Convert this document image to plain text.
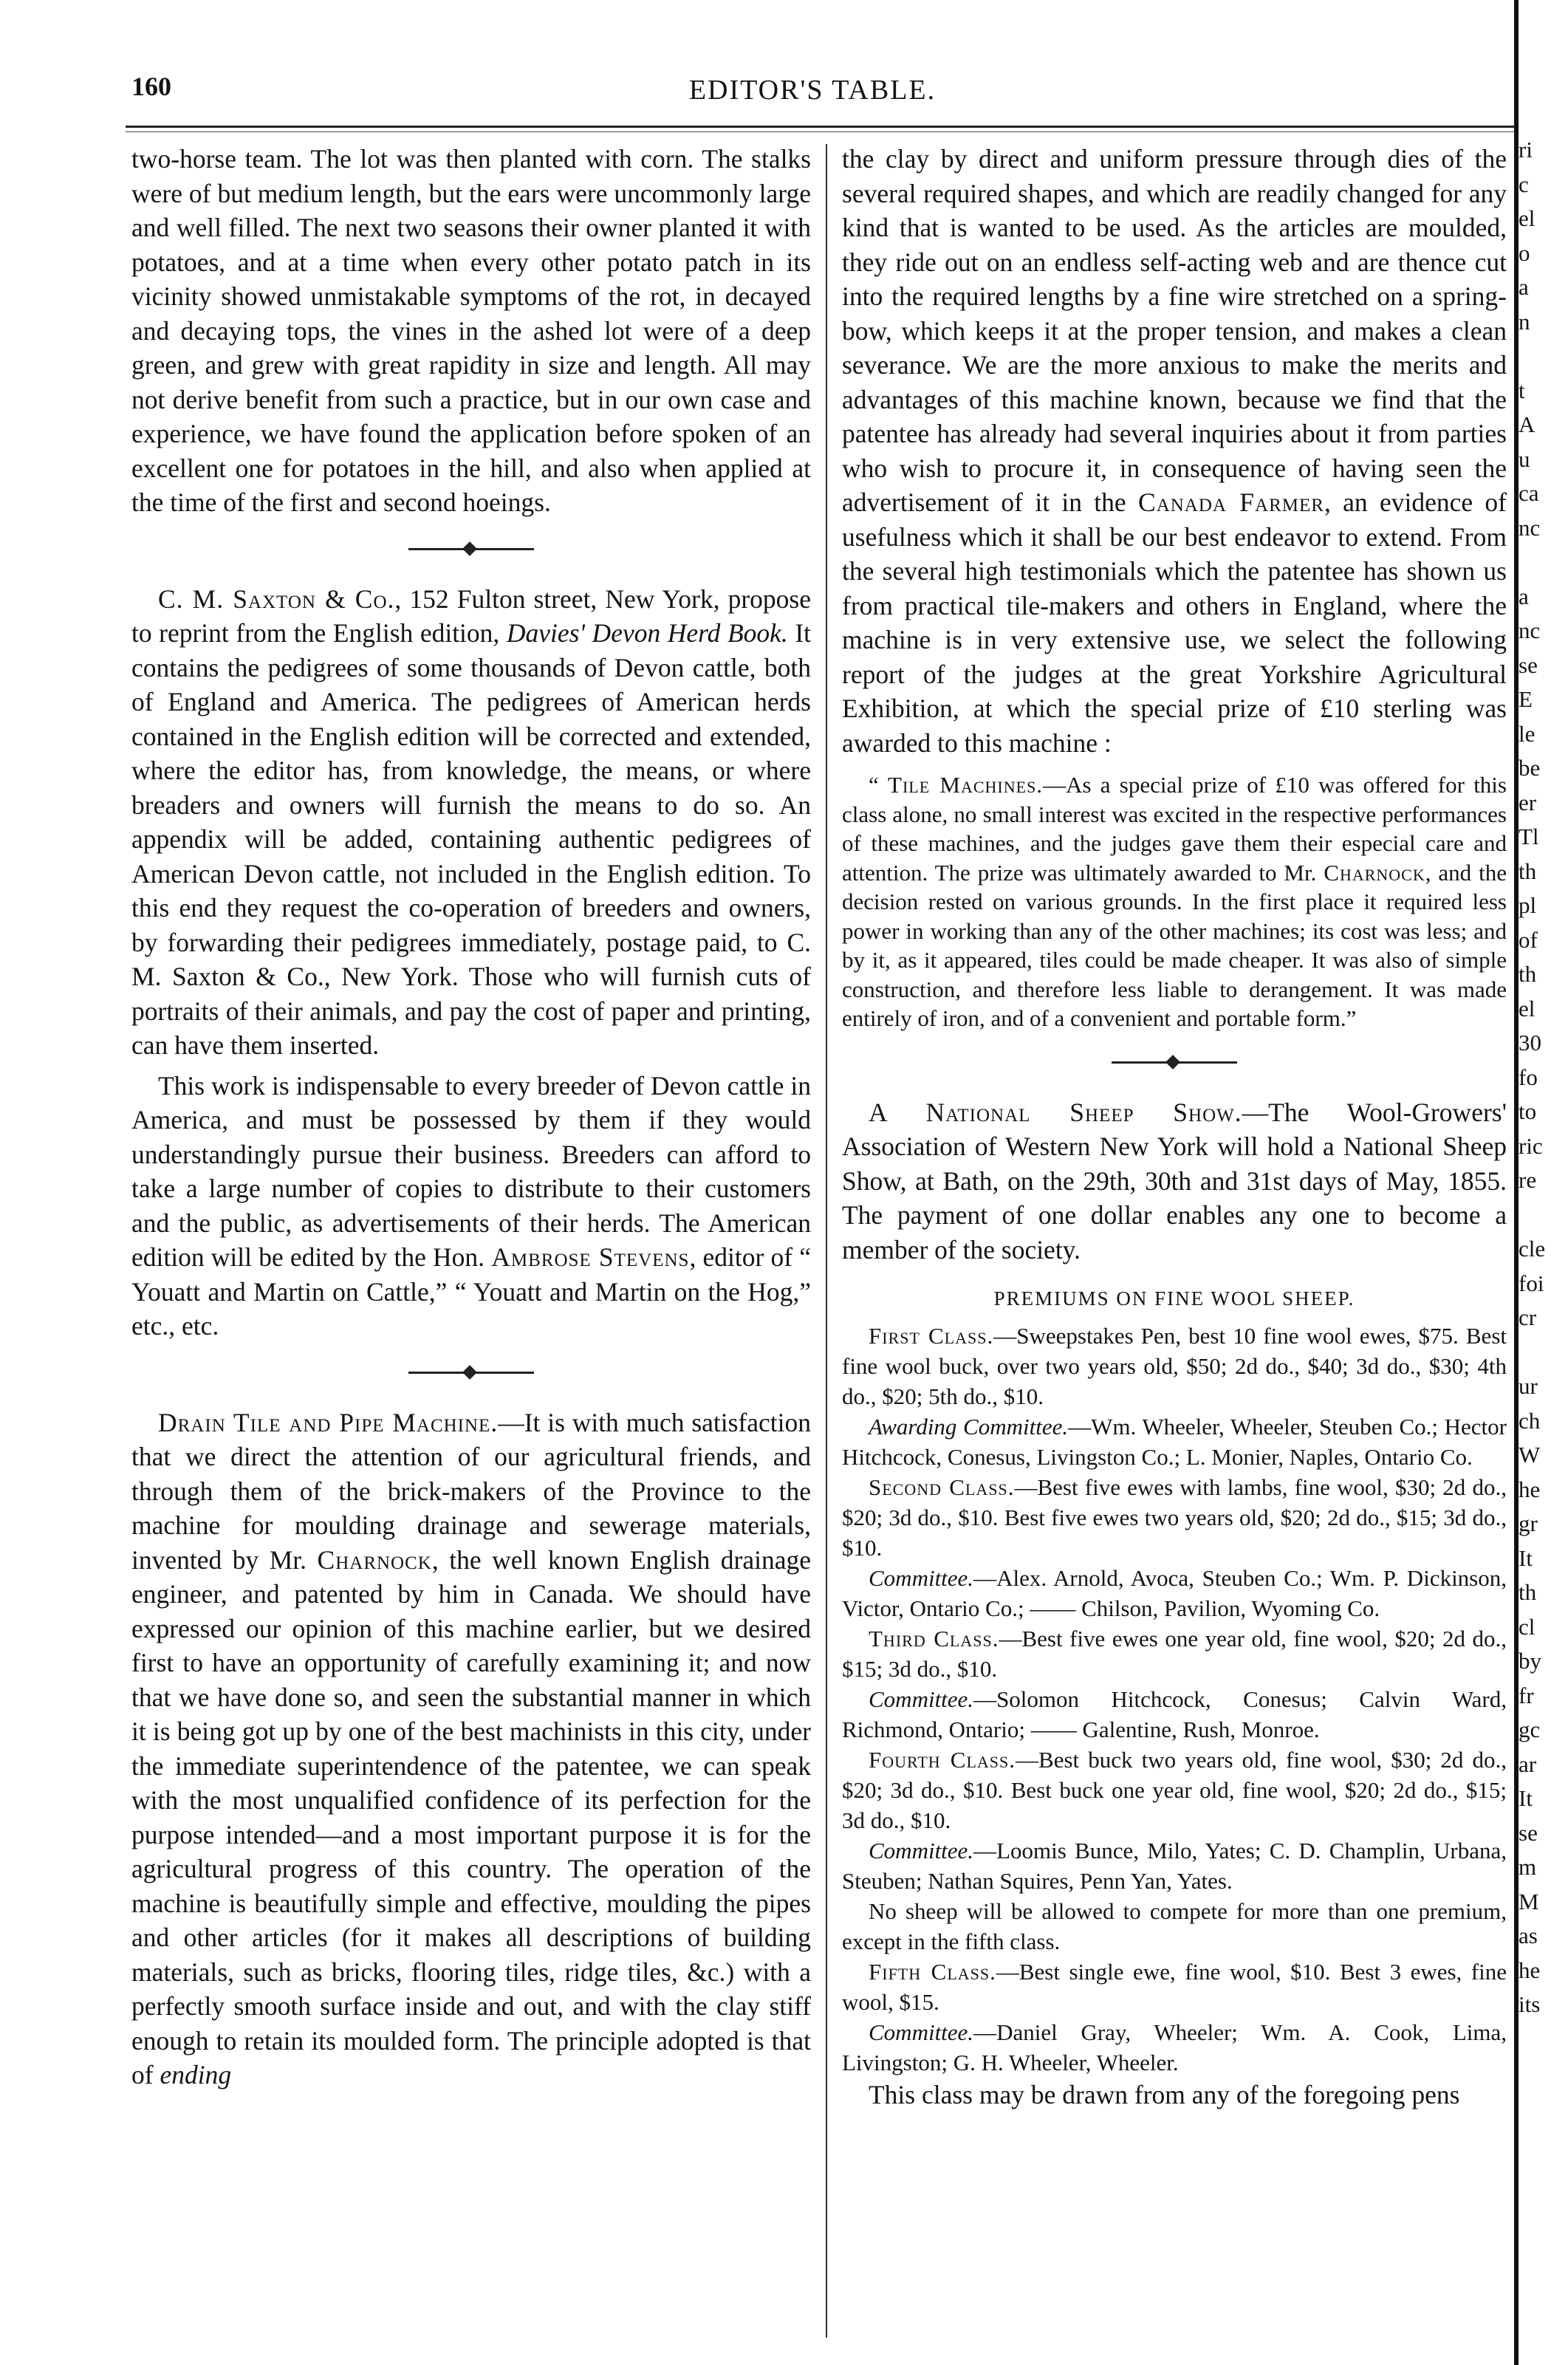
160	EDITOR'S TABLE.

two-horse team. The lot was then planted with corn. The stalks were of but medium length, but the ears were uncommonly large and well filled. The next two seasons their owner planted it with potatoes, and at a time when every other potato patch in its vicinity showed unmistakable symptoms of the rot, in decayed and decaying tops, the vines in the ashed lot were of a deep green, and grew with great rapidity in size and length. All may not derive benefit from such a practice, but in our own case and experience, we have found the application before spoken of an excellent one for potatoes in the hill, and also when applied at the time of the first and second hoeings.

C. M. Saxton & Co., 152 Fulton street, New York, propose to reprint from the English edition, Davies' Devon Herd Book. It contains the pedigrees of some thousands of Devon cattle, both of England and America. The pedigrees of American herds contained in the English edition will be corrected and extended, where the editor has, from knowledge, the means, or where breaders and owners will furnish the means to do so. An appendix will be added, containing authentic pedigrees of American Devon cattle, not included in the English edition. To this end they request the co-operation of breeders and owners, by forwarding their pedigrees immediately, postage paid, to C. M. Saxton & Co., New York. Those who will furnish cuts of portraits of their animals, and pay the cost of paper and printing, can have them inserted.

This work is indispensable to every breeder of Devon cattle in America, and must be possessed by them if they would understandingly pursue their business. Breeders can afford to take a large number of copies to distribute to their customers and the public, as advertisements of their herds. The American edition will be edited by the Hon. Ambrose Stevens, editor of “ Youatt and Martin on Cattle,” “ Youatt and Martin on the Hog,” etc., etc.

Drain Tile and Pipe Machine.—It is with much satisfaction that we direct the attention of our agricultural friends, and through them of the brick-makers of the Province to the machine for moulding drainage and sewerage materials, invented by Mr. Charnock, the well known English drainage engineer, and patented by him in Canada. We should have expressed our opinion of this machine earlier, but we desired first to have an opportunity of carefully examining it; and now that we have done so, and seen the substantial manner in which it is being got up by one of the best machinists in this city, under the immediate superintendence of the patentee, we can speak with the most unqualified confidence of its perfection for the purpose intended—and a most important purpose it is for the agricultural progress of this country. The operation of the machine is beautifully simple and effective, moulding the pipes and other articles (for it makes all descriptions of building materials, such as bricks, flooring tiles, ridge tiles, &c.) with a perfectly smooth surface inside and out, and with the clay stiff enough to retain its moulded form. The principle adopted is that of ending

the clay by direct and uniform pressure through dies of the several required shapes, and which are readily changed for any kind that is wanted to be used. As the articles are moulded, they ride out on an endless self-acting web and are thence cut into the required lengths by a fine wire stretched on a spring-bow, which keeps it at the proper tension, and makes a clean severance. We are the more anxious to make the merits and advantages of this machine known, because we find that the patentee has already had several inquiries about it from parties who wish to procure it, in consequence of having seen the advertisement of it in the Canada Farmer, an evidence of usefulness which it shall be our best endeavor to extend. From the several high testimonials which the patentee has shown us from practical tile-makers and others in England, where the machine is in very extensive use, we select the following report of the judges at the great Yorkshire Agricultural Exhibition, at which the special prize of £10 sterling was awarded to this machine :

“ Tile Machines.—As a special prize of £10 was offered for this class alone, no small interest was excited in the respective performances of these machines, and the judges gave them their especial care and attention. The prize was ultimately awarded to Mr. Charnock, and the decision rested on various grounds. In the first place it required less power in working than any of the other machines; its cost was less; and by it, as it appeared, tiles could be made cheaper. It was also of simple construction, and therefore less liable to derangement. It was made entirely of iron, and of a convenient and portable form.”

A National Sheep Show.—The Wool-Growers' Association of Western New York will hold a National Sheep Show, at Bath, on the 29th, 30th and 31st days of May, 1855. The payment of one dollar enables any one to become a member of the society.

PREMIUMS ON FINE WOOL SHEEP.

First Class.—Sweepstakes Pen, best 10 fine wool ewes, $75. Best fine wool buck, over two years old, $50; 2d do., $40; 3d do., $30; 4th do., $20; 5th do., $10.

Awarding Committee.—Wm. Wheeler, Wheeler, Steuben Co.; Hector Hitchcock, Conesus, Livingston Co.; L. Monier, Naples, Ontario Co.

Second Class.—Best five ewes with lambs, fine wool, $30; 2d do., $20; 3d do., $10. Best five ewes two years old, $20; 2d do., $15; 3d do., $10.

Committee.—Alex. Arnold, Avoca, Steuben Co.; Wm. P. Dickinson, Victor, Ontario Co.; —— Chilson, Pavilion, Wyoming Co.

Third Class.—Best five ewes one year old, fine wool, $20; 2d do., $15; 3d do., $10.

Committee.—Solomon Hitchcock, Conesus; Calvin Ward, Richmond, Ontario; —— Galentine, Rush, Monroe.

Fourth Class.—Best buck two years old, fine wool, $30; 2d do., $20; 3d do., $10. Best buck one year old, fine wool, $20; 2d do., $15; 3d do., $10.

Committee.—Loomis Bunce, Milo, Yates; C. D. Champlin, Urbana, Steuben; Nathan Squires, Penn Yan, Yates.

No sheep will be allowed to compete for more than one premium, except in the fifth class.

Fifth Class.—Best single ewe, fine wool, $10. Best 3 ewes, fine wool, $15.

Committee.—Daniel Gray, Wheeler; Wm. A. Cook, Lima, Livingston; G. H. Wheeler, Wheeler.

This class may be drawn from any of the foregoing pens

ri
c
el
o
a
n
t
A
u
ca
nc
a
nc
se
E
le
be
er
Tl
th
pl
of
th
el
30
fo
to
ric
re
cle
foi
cr
ur
ch
W
he
gr
It
th
cl
by
fr
gc
ar
It
se
m
M
as
he
its
